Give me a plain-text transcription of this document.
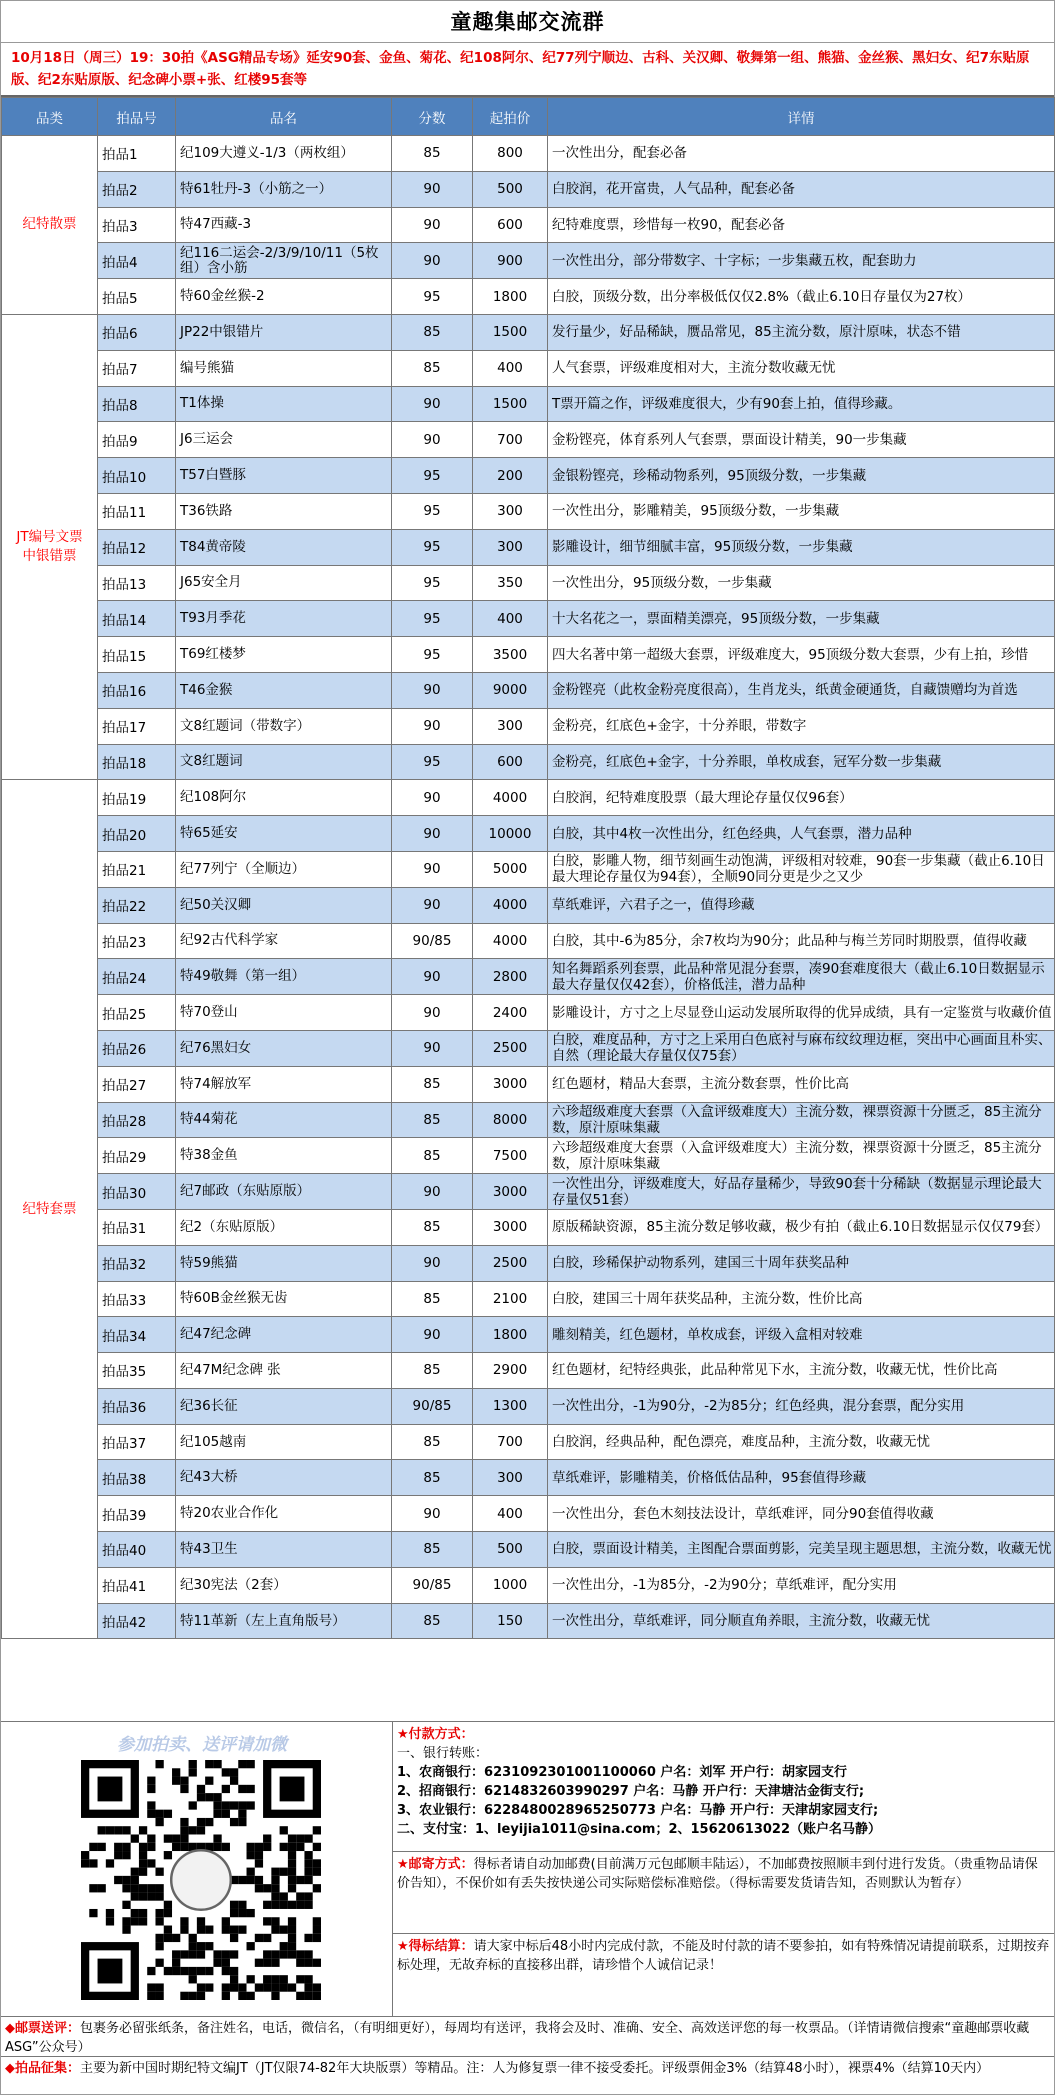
童趣集邮交流群
10月18日（周三）19：30拍《ASG精品专场》延安90套、金鱼、菊花、纪108阿尔、纪77列宁顺边、古科、关汉卿、敬舞第一组、熊猫、金丝猴、黑妇女、纪7东贴原版、纪2东贴原版、纪念碑小票+张、红楼95套等
品类	拍品号	品名	分数	起拍价	详情
纪特散票	拍品1	纪109大遵义-1/3（两枚组）	85	800	一次性出分，配套必备
	拍品2	特61牡丹-3（小筋之一）	90	500	白胶润，花开富贵，人气品种，配套必备
	拍品3	特47西藏-3	90	600	纪特难度票，珍惜每一枚90，配套必备
	拍品4	纪116二运会-2/3/9/10/11（5枚组）含小筋	90	900	一次性出分，部分带数字、十字标；一步集藏五枚，配套助力
	拍品5	特60金丝猴-2	95	1800	白胶，顶级分数，出分率极低仅仅2.8%（截止6.10日存量仅为27枚）
JT编号文票
中银错票	拍品6	JP22中银错片	85	1500	发行量少，好品稀缺，赝品常见，85主流分数，原汁原味，状态不错
	拍品7	编号熊猫	85	400	人气套票，评级难度相对大，主流分数收藏无忧
	拍品8	T1体操	90	1500	T票开篇之作，评级难度很大，少有90套上拍，值得珍藏。
	拍品9	J6三运会	90	700	金粉铿亮，体育系列人气套票，票面设计精美，90一步集藏
	拍品10	T57白暨豚	95	200	金银粉铿亮，珍稀动物系列，95顶级分数，一步集藏
	拍品11	T36铁路	95	300	一次性出分，影雕精美，95顶级分数，一步集藏
	拍品12	T84黄帝陵	95	300	影雕设计，细节细腻丰富，95顶级分数，一步集藏
	拍品13	J65安全月	95	350	一次性出分，95顶级分数，一步集藏
	拍品14	T93月季花	95	400	十大名花之一，票面精美漂亮，95顶级分数，一步集藏
	拍品15	T69红楼梦	95	3500	四大名著中第一超级大套票，评级难度大，95顶级分数大套票，少有上拍，珍惜
	拍品16	T46金猴	90	9000	金粉铿亮（此枚金粉亮度很高），生肖龙头，纸黄金硬通货，自藏馈赠均为首选
	拍品17	文8红题词（带数字）	90	300	金粉亮，红底色+金字，十分养眼，带数字
	拍品18	文8红题词	95	600	金粉亮，红底色+金字，十分养眼，单枚成套，冠军分数一步集藏
纪特套票	拍品19	纪108阿尔	90	4000	白胶润，纪特难度股票（最大理论存量仅仅96套）
	拍品20	特65延安	90	10000	白胶，其中4枚一次性出分，红色经典，人气套票，潜力品种
	拍品21	纪77列宁（全顺边）	90	5000	白胶，影雕人物，细节刻画生动饱满，评级相对较难，90套一步集藏（截止6.10日最大理论存量仅为94套），全顺90同分更是少之又少
	拍品22	纪50关汉卿	90	4000	草纸难评，六君子之一，值得珍藏
	拍品23	纪92古代科学家	90/85	4000	白胶，其中-6为85分，余7枚均为90分；此品种与梅兰芳同时期股票，值得收藏
	拍品24	特49敬舞（第一组）	90	2800	知名舞蹈系列套票，此品种常见混分套票，凑90套难度很大（截止6.10日数据显示最大存量仅仅42套），价格低洼，潜力品种
	拍品25	特70登山	90	2400	影雕设计，方寸之上尽显登山运动发展所取得的优异成绩，具有一定鉴赏与收藏价值
	拍品26	纪76黑妇女	90	2500	白胶，难度品种，方寸之上采用白色底衬与麻布纹纹理边框，突出中心画面且朴实、自然（理论最大存量仅仅75套）
	拍品27	特74解放军	85	3000	红色题材，精品大套票，主流分数套票，性价比高
	拍品28	特44菊花	85	8000	六珍超级难度大套票（入盒评级难度大）主流分数，裸票资源十分匮乏，85主流分数，原汁原味集藏
	拍品29	特38金鱼	85	7500	六珍超级难度大套票（入盒评级难度大）主流分数，裸票资源十分匮乏，85主流分数，原汁原味集藏
	拍品30	纪7邮政（东贴原版）	90	3000	一次性出分，评级难度大，好品存量稀少，导致90套十分稀缺（数据显示理论最大存量仅51套）
	拍品31	纪2（东贴原版）	85	3000	原版稀缺资源，85主流分数足够收藏，极少有拍（截止6.10日数据显示仅仅79套）
	拍品32	特59熊猫	90	2500	白胶，珍稀保护动物系列，建国三十周年获奖品种
	拍品33	特60B金丝猴无齿	85	2100	白胶，建国三十周年获奖品种，主流分数，性价比高
	拍品34	纪47纪念碑	90	1800	雕刻精美，红色题材，单枚成套，评级入盒相对较难
	拍品35	纪47M纪念碑 张	85	2900	红色题材，纪特经典张，此品种常见下水，主流分数，收藏无忧，性价比高
	拍品36	纪36长征	90/85	1300	一次性出分，-1为90分，-2为85分；红色经典，混分套票，配分实用
	拍品37	纪105越南	85	700	白胶润，经典品种，配色漂亮，难度品种，主流分数，收藏无忧
	拍品38	纪43大桥	85	300	草纸难评，影雕精美，价格低估品种，95套值得珍藏
	拍品39	特20农业合作化	90	400	一次性出分，套色木刻技法设计，草纸难评，同分90套值得收藏
	拍品40	特43卫生	85	500	白胶，票面设计精美，主图配合票面剪影，完美呈现主题思想，主流分数，收藏无忧
	拍品41	纪30宪法（2套）	90/85	1000	一次性出分，-1为85分，-2为90分；草纸难评，配分实用
	拍品42	特11革新（左上直角版号）	85	150	一次性出分，草纸难评，同分顺直角养眼，主流分数，收藏无忧
参加拍卖、送评请加微
★付款方式：
一、银行转账：
1、农商银行：6231092301001100060 户名：刘军 开户行：胡家园支行
2、招商银行：6214832603990297 户名：马静 开户行：天津塘沽金街支行;
3、农业银行：6228480028965250773 户名：马静 开户行：天津胡家园支行;
二、支付宝：1、leyijia1011@sina.com；2、15620613022（账户名马静）
★邮寄方式：得标者请自动加邮费(目前满万元包邮顺丰陆运），不加邮费按照顺丰到付进行发货。（贵重物品请保价告知），不保价如有丢失按快递公司实际赔偿标准赔偿。（得标需要发货请告知，否则默认为暂存）
★得标结算：请大家中标后48小时内完成付款，不能及时付款的请不要参拍，如有特殊情况请提前联系，过期按弃标处理，无故弃标的直接移出群，请珍惜个人诚信记录！
◆邮票送评：包裹务必留张纸条，备注姓名，电话，微信名，（有明细更好），每周均有送评，我将会及时、准确、安全、高效送评您的每一枚票品。（详情请微信搜索“童趣邮票收藏ASG”公众号）
◆拍品征集：主要为新中国时期纪特文编JT（JT仅限74-82年大块版票）等精品。注：人为修复票一律不接受委托。评级票佣金3%（结算48小时），裸票4%（结算10天内）
